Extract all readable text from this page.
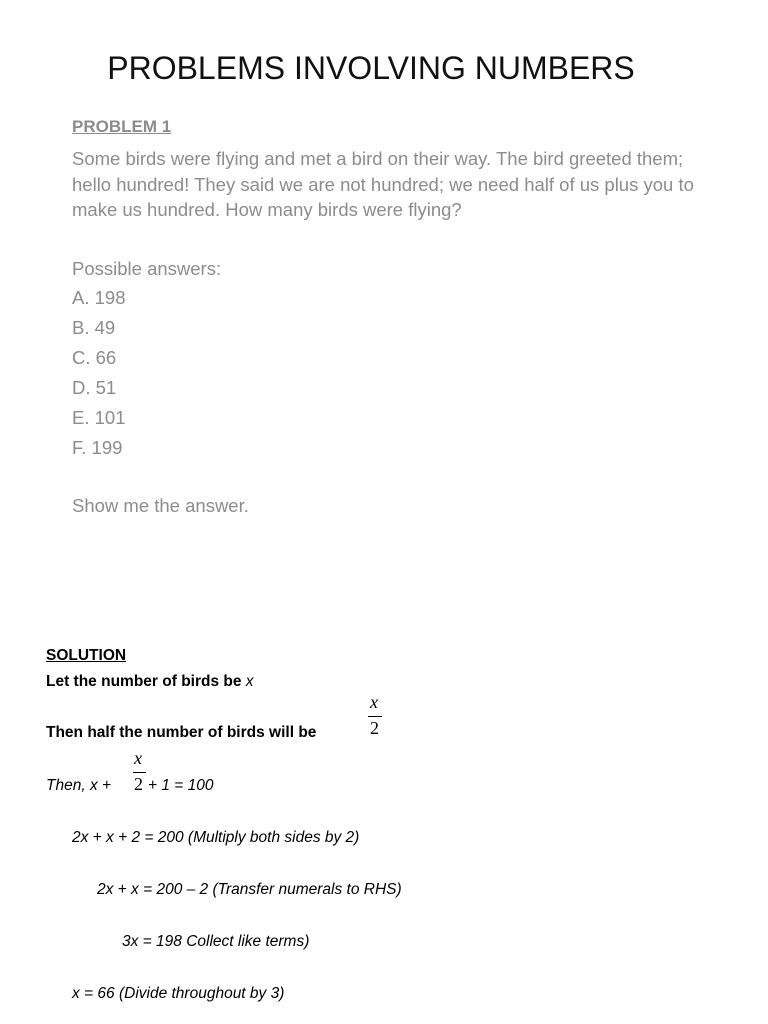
PROBLEMS INVOLVING NUMBERS
PROBLEM 1
Some birds were flying and met a bird on their way. The bird greeted them; hello hundred! They said we are not hundred; we need half of us plus you to make us hundred. How many birds were flying?
Possible answers:
A. 198
B. 49
C. 66
D. 51
E. 101
F. 199
Show me the answer.
SOLUTION
Let the number of birds be x
Then half the number of birds will be
x
2
Then, x +
x
2 + 1 = 100
2x + x + 2 = 200 (Multiply both sides by 2)
2x + x = 200 – 2 (Transfer numerals to RHS)
3x = 198 Collect like terms)
x = 66 (Divide throughout by 3)
